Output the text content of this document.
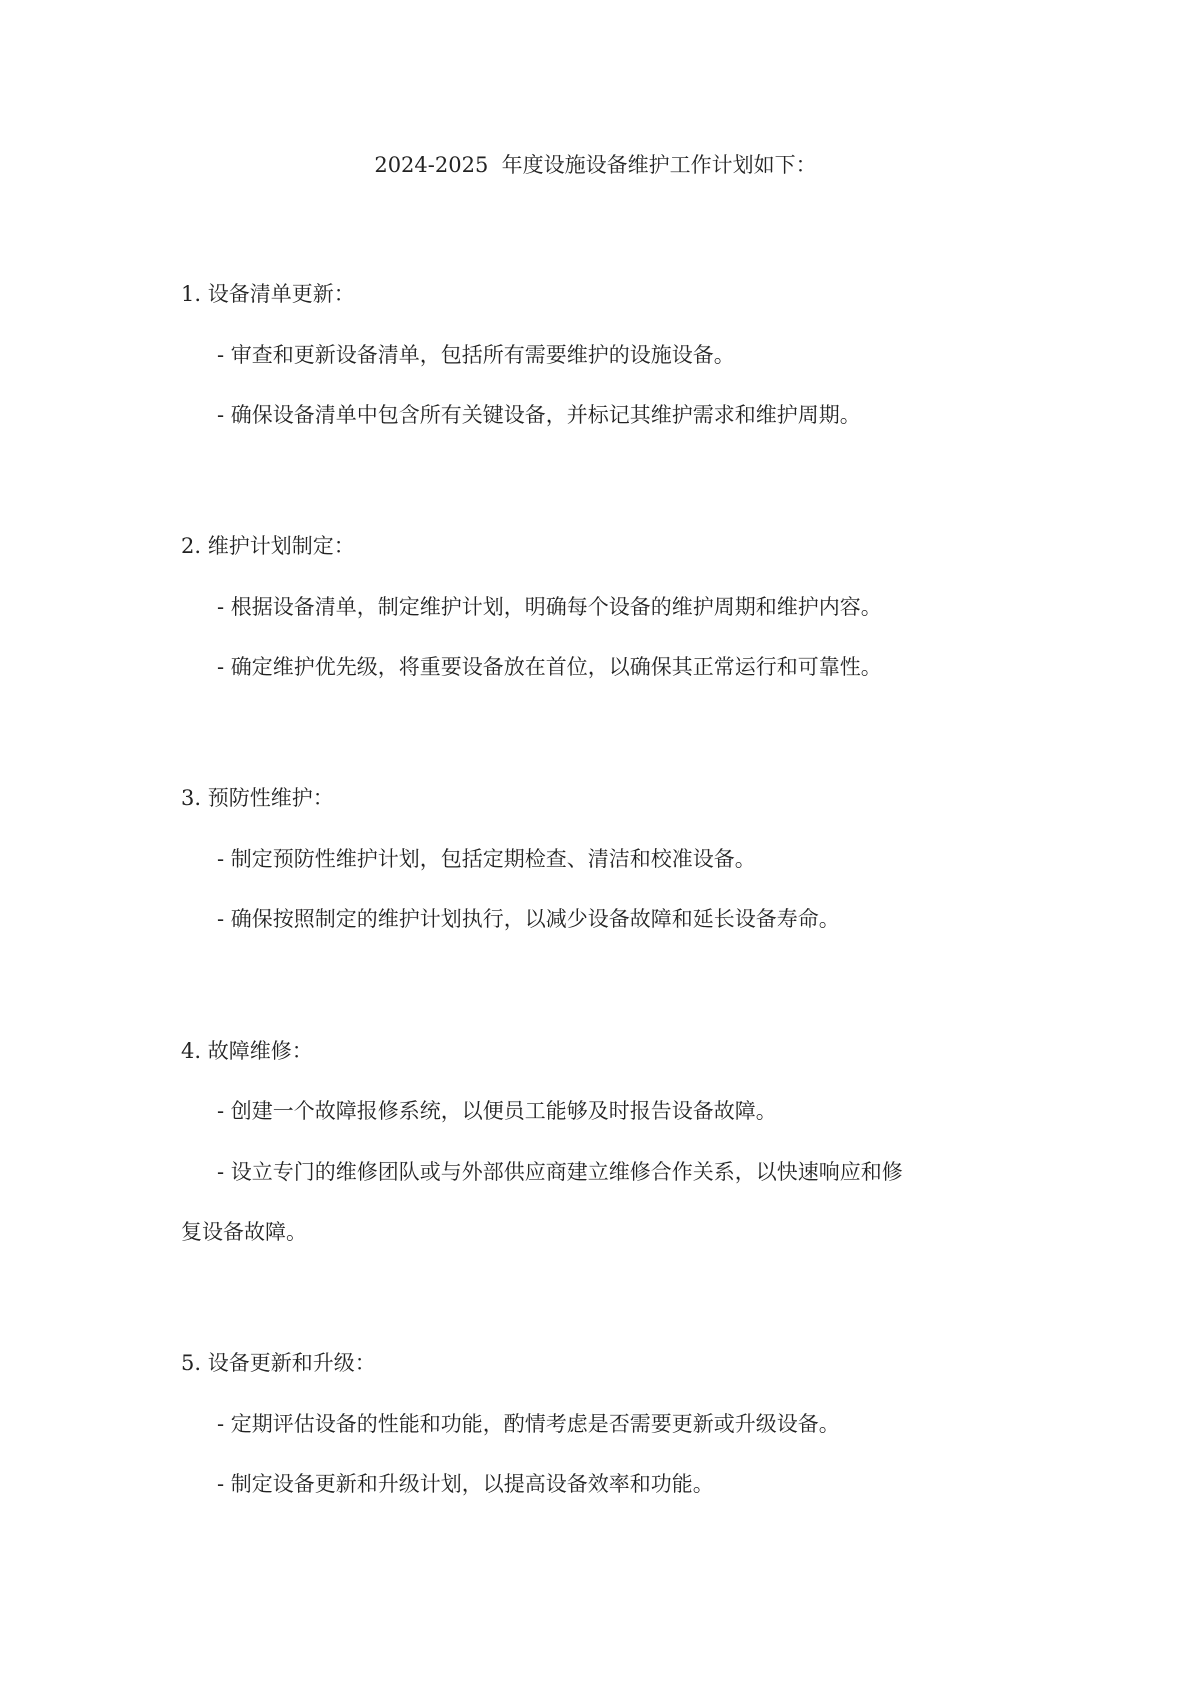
2024-2025  年度设施设备维护工作计划如下：
1. 设备清单更新：
- 审查和更新设备清单，包括所有需要维护的设施设备。
- 确保设备清单中包含所有关键设备，并标记其维护需求和维护周期。
2. 维护计划制定：
- 根据设备清单，制定维护计划，明确每个设备的维护周期和维护内容。
- 确定维护优先级，将重要设备放在首位，以确保其正常运行和可靠性。
3. 预防性维护：
- 制定预防性维护计划，包括定期检查、清洁和校准设备。
- 确保按照制定的维护计划执行，以减少设备故障和延长设备寿命。
4. 故障维修：
- 创建一个故障报修系统，以便员工能够及时报告设备故障。
- 设立专门的维修团队或与外部供应商建立维修合作关系，以快速响应和修
复设备故障。
5. 设备更新和升级：
- 定期评估设备的性能和功能，酌情考虑是否需要更新或升级设备。
- 制定设备更新和升级计划，以提高设备效率和功能。
